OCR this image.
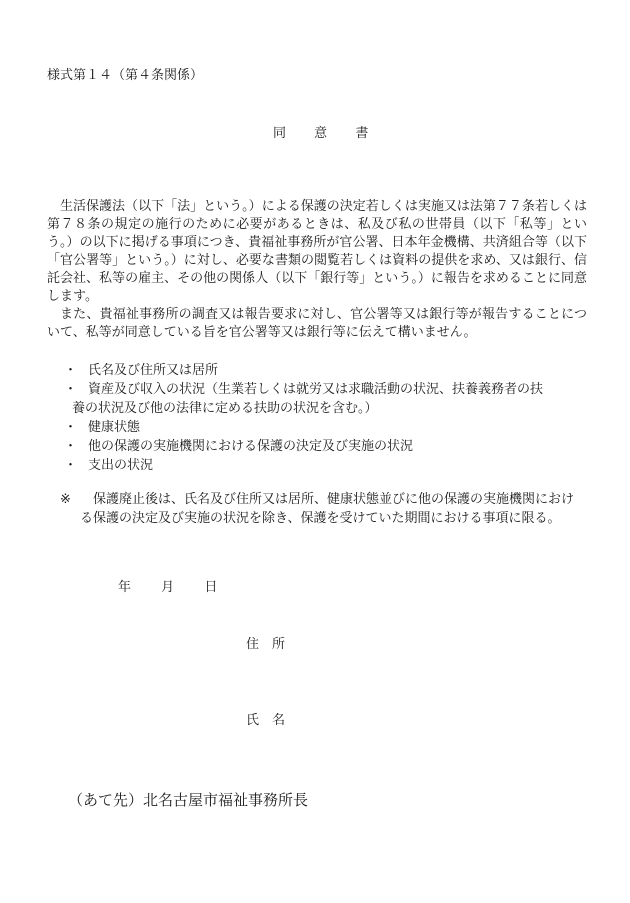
様式第１４（第４条関係）
同 意 書
生活保護法（以下「法」という。）による保護の決定若しくは実施又は法第７７条若しくは第７８条の規定の施行のために必要があるときは、私及び私の世帯員（以下「私等」という。）の以下に掲げる事項につき、貴福祉事務所が官公署、日本年金機構、共済組合等（以下「官公署等」という。）に対し、必要な書類の閲覧若しくは資料の提供を求め、又は銀行、信託会社、私等の雇主、その他の関係人（以下「銀行等」という。）に報告を求めることに同意します。
また、貴福祉事務所の調査又は報告要求に対し、官公署等又は銀行等が報告することについて、私等が同意している旨を官公署等又は銀行等に伝えて構いません。
・ 氏名及び住所又は居所
・ 資産及び収入の状況（生業若しくは就労又は求職活動の状況、扶養義務者の扶
養の状況及び他の法律に定める扶助の状況を含む。）
・ 健康状態
・ 他の保護の実施機関における保護の決定及び実施の状況
・ 支出の状況
※	保護廃止後は、氏名及び住所又は居所、健康状態並びに他の保護の実施機関におけ
る保護の決定及び実施の状況を除き、保護を受けていた期間における事項に限る。
年 月 日
住　所
氏　名
（あて先）北名古屋市福祉事務所長
